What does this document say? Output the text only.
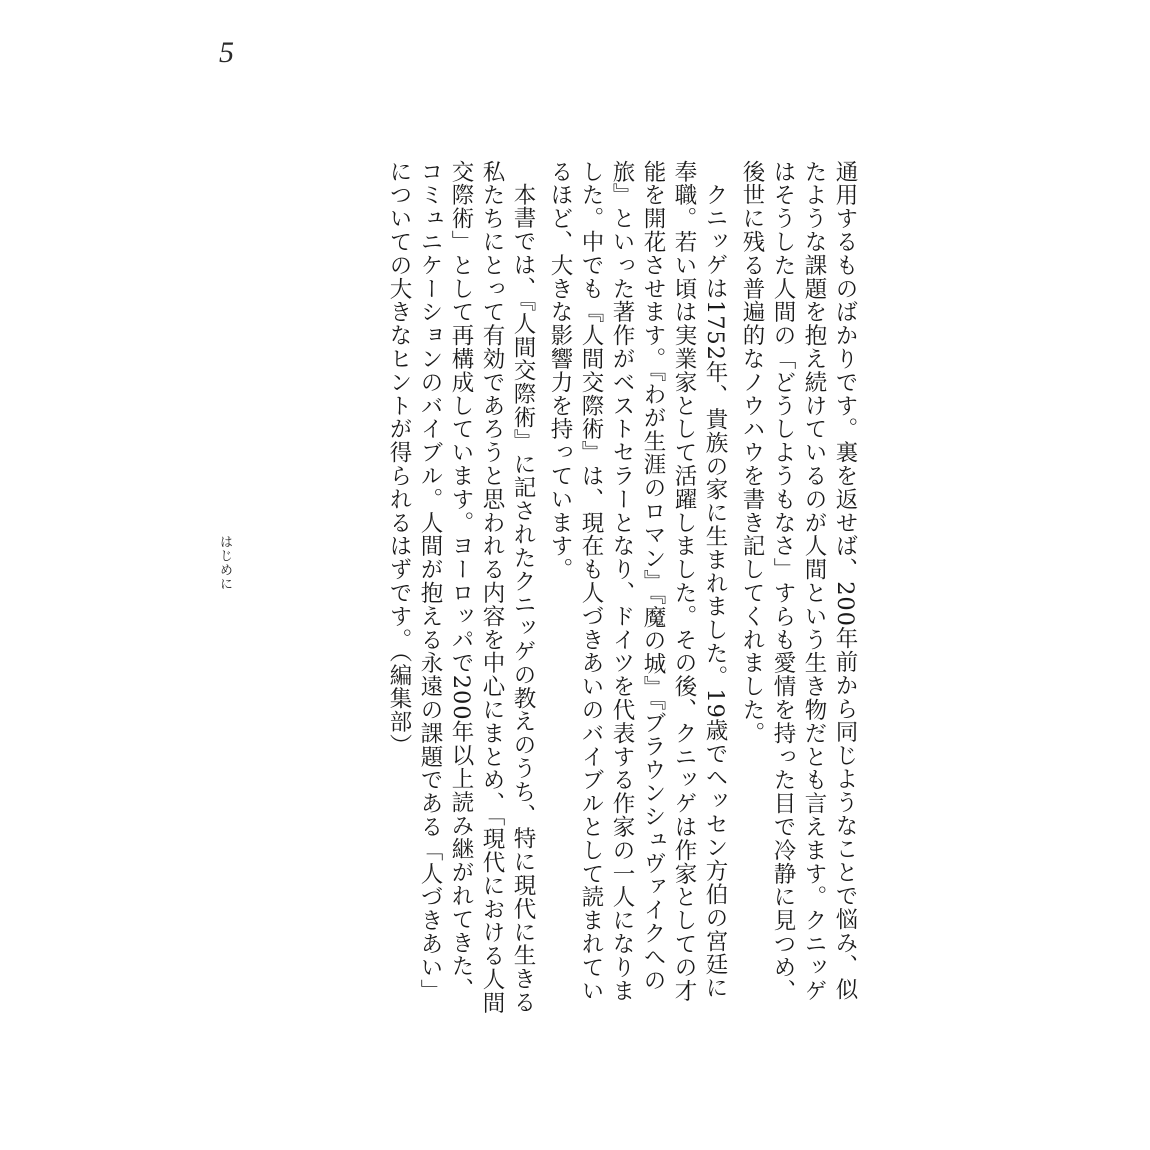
5
はじめに	通用するものばかりです。裏を返せば、200年前から同じようなことで悩み、似たような課題を抱え続けているのが人間という生き物だとも言えます。クニッゲはそうした人間の「どうしようもなさ」すらも愛情を持った目で冷静に見つめ、後世に残る普遍的なノウハウを書き記してくれました。

クニッゲは1752年、貴族の家に生まれました。19歳でヘッセン方伯の宮廷に奉職。若い頃は実業家として活躍しました。その後、クニッゲは作家としての才能を開花させます。『わが生涯のロマン』『魔の城』『ブラウンシュヴァイクへの旅』といった著作がベストセラーとなり、ドイツを代表する作家の一人になりました。中でも『人間交際術』は、現在も人づきあいのバイブルとして読まれているほど、大きな影響力を持っています。

本書では、『人間交際術』に記されたクニッゲの教えのうち、特に現代に生きる私たちにとって有効であろうと思われる内容を中心にまとめ、「現代における人間交際術」として再構成しています。ヨーロッパで200年以上読み継がれてきた、コミュニケーションのバイブル。人間が抱える永遠の課題である「人づきあい」についての大きなヒントが得られるはずです。（編集部）
